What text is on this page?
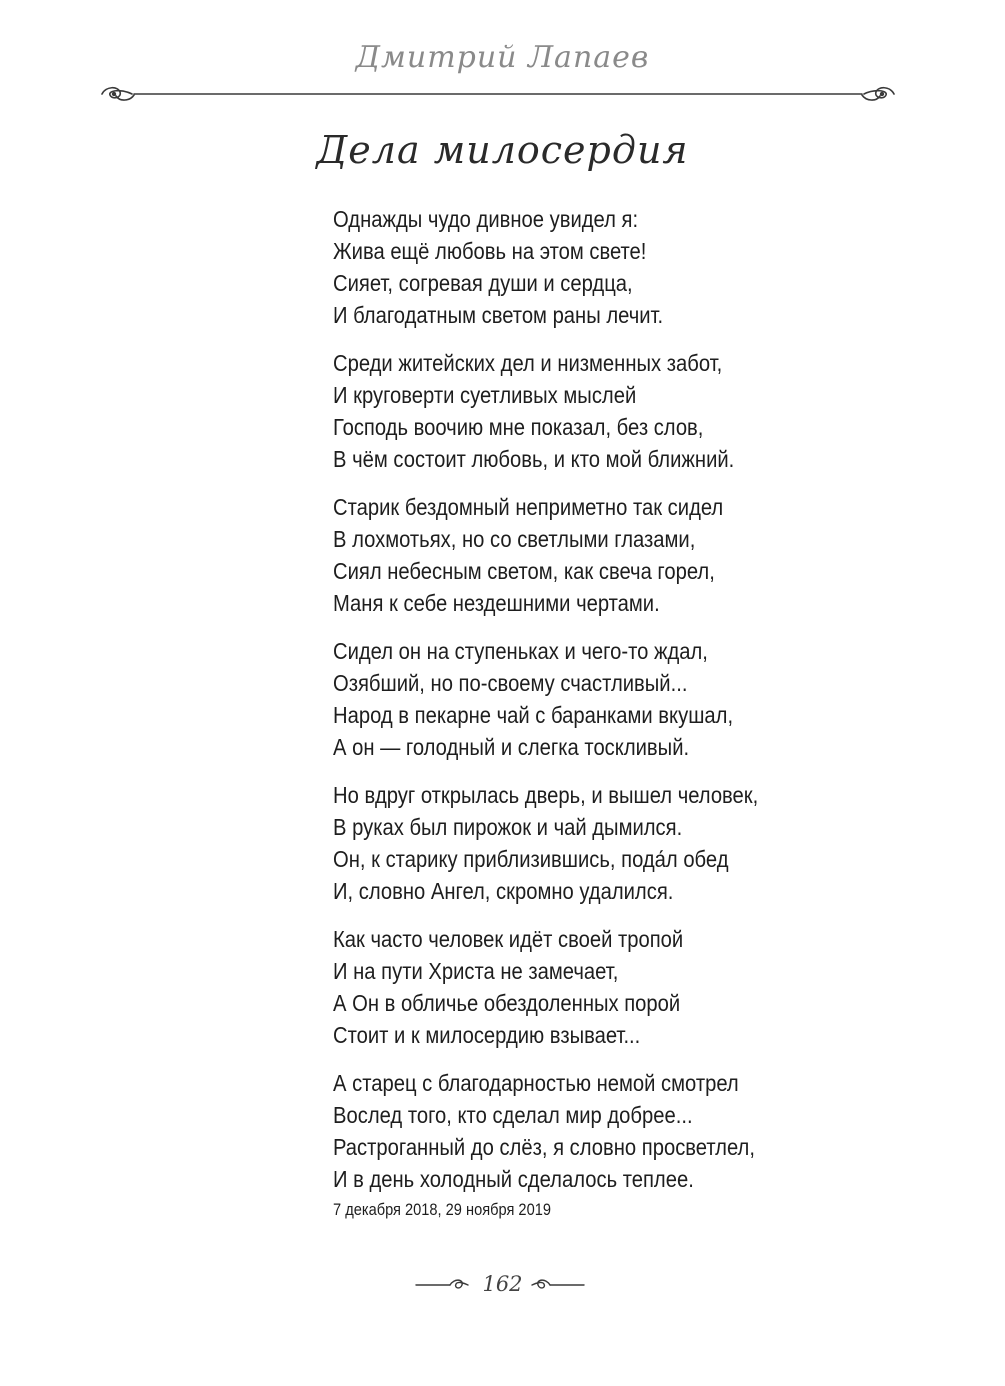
Дмитрий Лапаев
Дела милосердия
Однажды чудо дивное увидел я:
Жива ещё любовь на этом свете!
Сияет, согревая души и сердца,
И благодатным светом раны лечит.
Среди житейских дел и низменных забот,
И круговерти суетливых мыслей
Господь воочию мне показал, без слов,
В чём состоит любовь, и кто мой ближний.
Старик бездомный неприметно так сидел
В лохмотьях, но со светлыми глазами,
Сиял небесным светом, как свеча горел,
Маня к себе нездешними чертами.
Сидел он на ступеньках и чего-то ждал,
Озябший, но по-своему счастливый...
Народ в пекарне чай с баранками вкушал,
А он — голодный и слегка тоскливый.
Но вдруг открылась дверь, и вышел человек,
В руках был пирожок и чай дымился.
Он, к старику приблизившись, пода́л обед
И, словно Ангел, скромно удалился.
Как часто человек идёт своей тропой
И на пути Христа не замечает,
А Он в обличье обездоленных порой
Стоит и к милосердию взывает...
А старец с благодарностью немой смотрел
Вослед того, кто сделал мир добрее...
Растроганный до слёз, я словно просветлел,
И в день холодный сделалось теплее.
7 декабря 2018, 29 ноября 2019
162
